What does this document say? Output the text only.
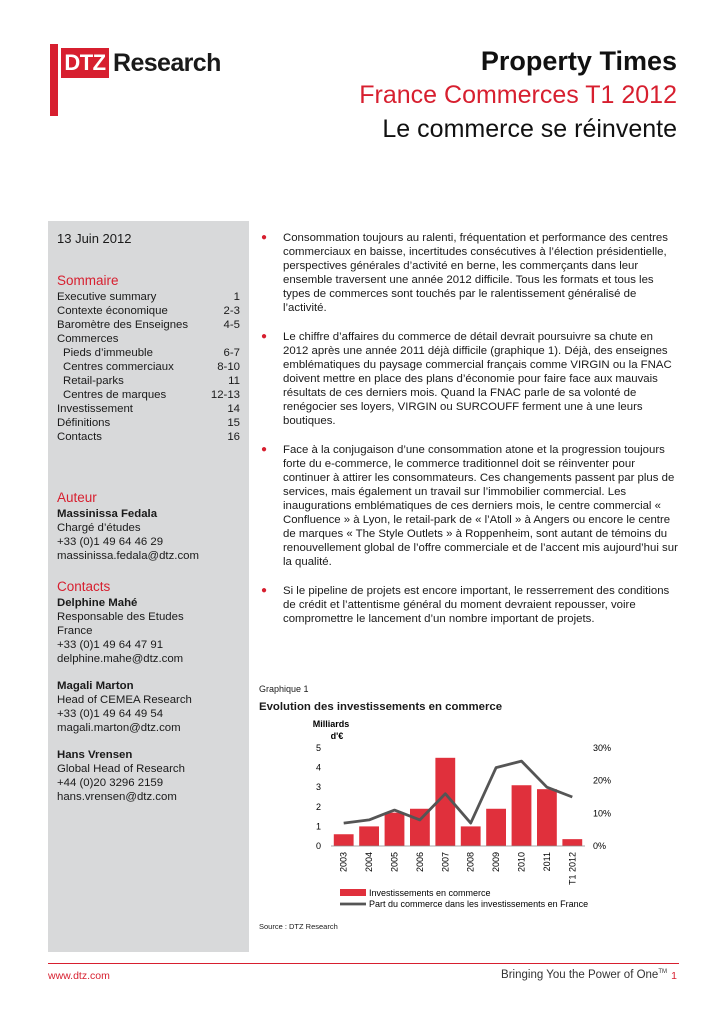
DTZ Research	Property Times
France Commerces T1 2012
Le commerce se réinvente
13 Juin 2012
Sommaire
Executive summary	1
Contexte économique	2-3
Baromètre des Enseignes	4-5
Commerces
Pieds d’immeuble	6-7
Centres commerciaux	8-10
Retail-parks	11
Centres de marques	12-13
Investissement	14
Définitions	15
Contacts	16
Auteur
Massinissa Fedala
Chargé d’études
+33 (0)1 49 64 46 29
massinissa.fedala@dtz.com
Contacts
Delphine Mahé
Responsable des Etudes
France
+33 (0)1 49 64 47 91
delphine.mahe@dtz.com
Magali Marton
Head of CEMEA Research
+33 (0)1 49 64 49 54
magali.marton@dtz.com
Hans Vrensen
Global Head of Research
+44 (0)20 3296 2159
hans.vrensen@dtz.com
● Consommation toujours au ralenti, fréquentation et performance des centres commerciaux en baisse, incertitudes consécutives à l’élection présidentielle, perspectives générales d’activité en berne, les commerçants dans leur ensemble traversent une année 2012 difficile. Tous les formats et tous les types de commerces sont touchés par le ralentissement généralisé de l’activité.
● Le chiffre d’affaires du commerce de détail devrait poursuivre sa chute en 2012 après une année 2011 déjà difficile (graphique 1). Déjà, des enseignes emblématiques du paysage commercial français comme VIRGIN ou la FNAC doivent mettre en place des plans d’économie pour faire face aux mauvais résultats de ces derniers mois. Quand la FNAC parle de sa volonté de renégocier ses loyers, VIRGIN ou SURCOUFF ferment une à une leurs boutiques.
● Face à la conjugaison d’une consommation atone et la progression toujours forte du e-commerce, le commerce traditionnel doit se réinventer pour continuer à attirer les consommateurs. Ces changements passent par plus de services, mais également un travail sur l’immobilier commercial. Les inaugurations emblématiques de ces derniers mois, le centre commercial « Confluence » à Lyon, le retail-park de « l’Atoll » à Angers ou encore le centre de marques « The Style Outlets » à Roppenheim, sont autant de témoins du renouvellement global de l’offre commerciale et de l’accent mis aujourd’hui sur la qualité.
● Si le pipeline de projets est encore important, le resserrement des conditions de crédit et l’attentisme général du moment devraient repousser, voire compromettre le lancement d’un nombre important de projets.
Graphique 1
Evolution des investissements en commerce
Milliards
d'€
0
1
2
3
4
5
0%
10%
20%
30%
2003 2004 2005 2006 2007 2008 2009 2010 2011 T1 2012
Investissements en commerce
Part du commerce dans les investissements en France
Source : DTZ Research
www.dtz.com	Bringing You the Power of One™ 1
